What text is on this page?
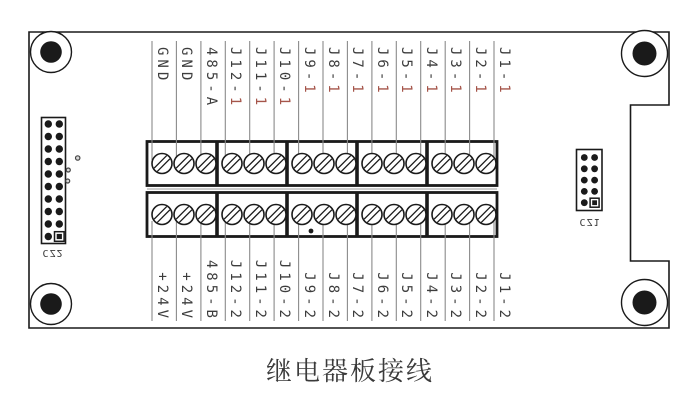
GND GND 485-A J12-1
J11-1
J10-1
J9-1
J8-1
J7-1
J6-1
J5-1
J4-1
J3-1
J2-1
J1-1
+24V +24V 485-B J12-2 J11-2 J10-2 J9-2 J8-2 J7-2 J6-2 J5-2 J4-2 J3-2 J2-2 J1-2
CZ2
CZ1
继电器板接线
